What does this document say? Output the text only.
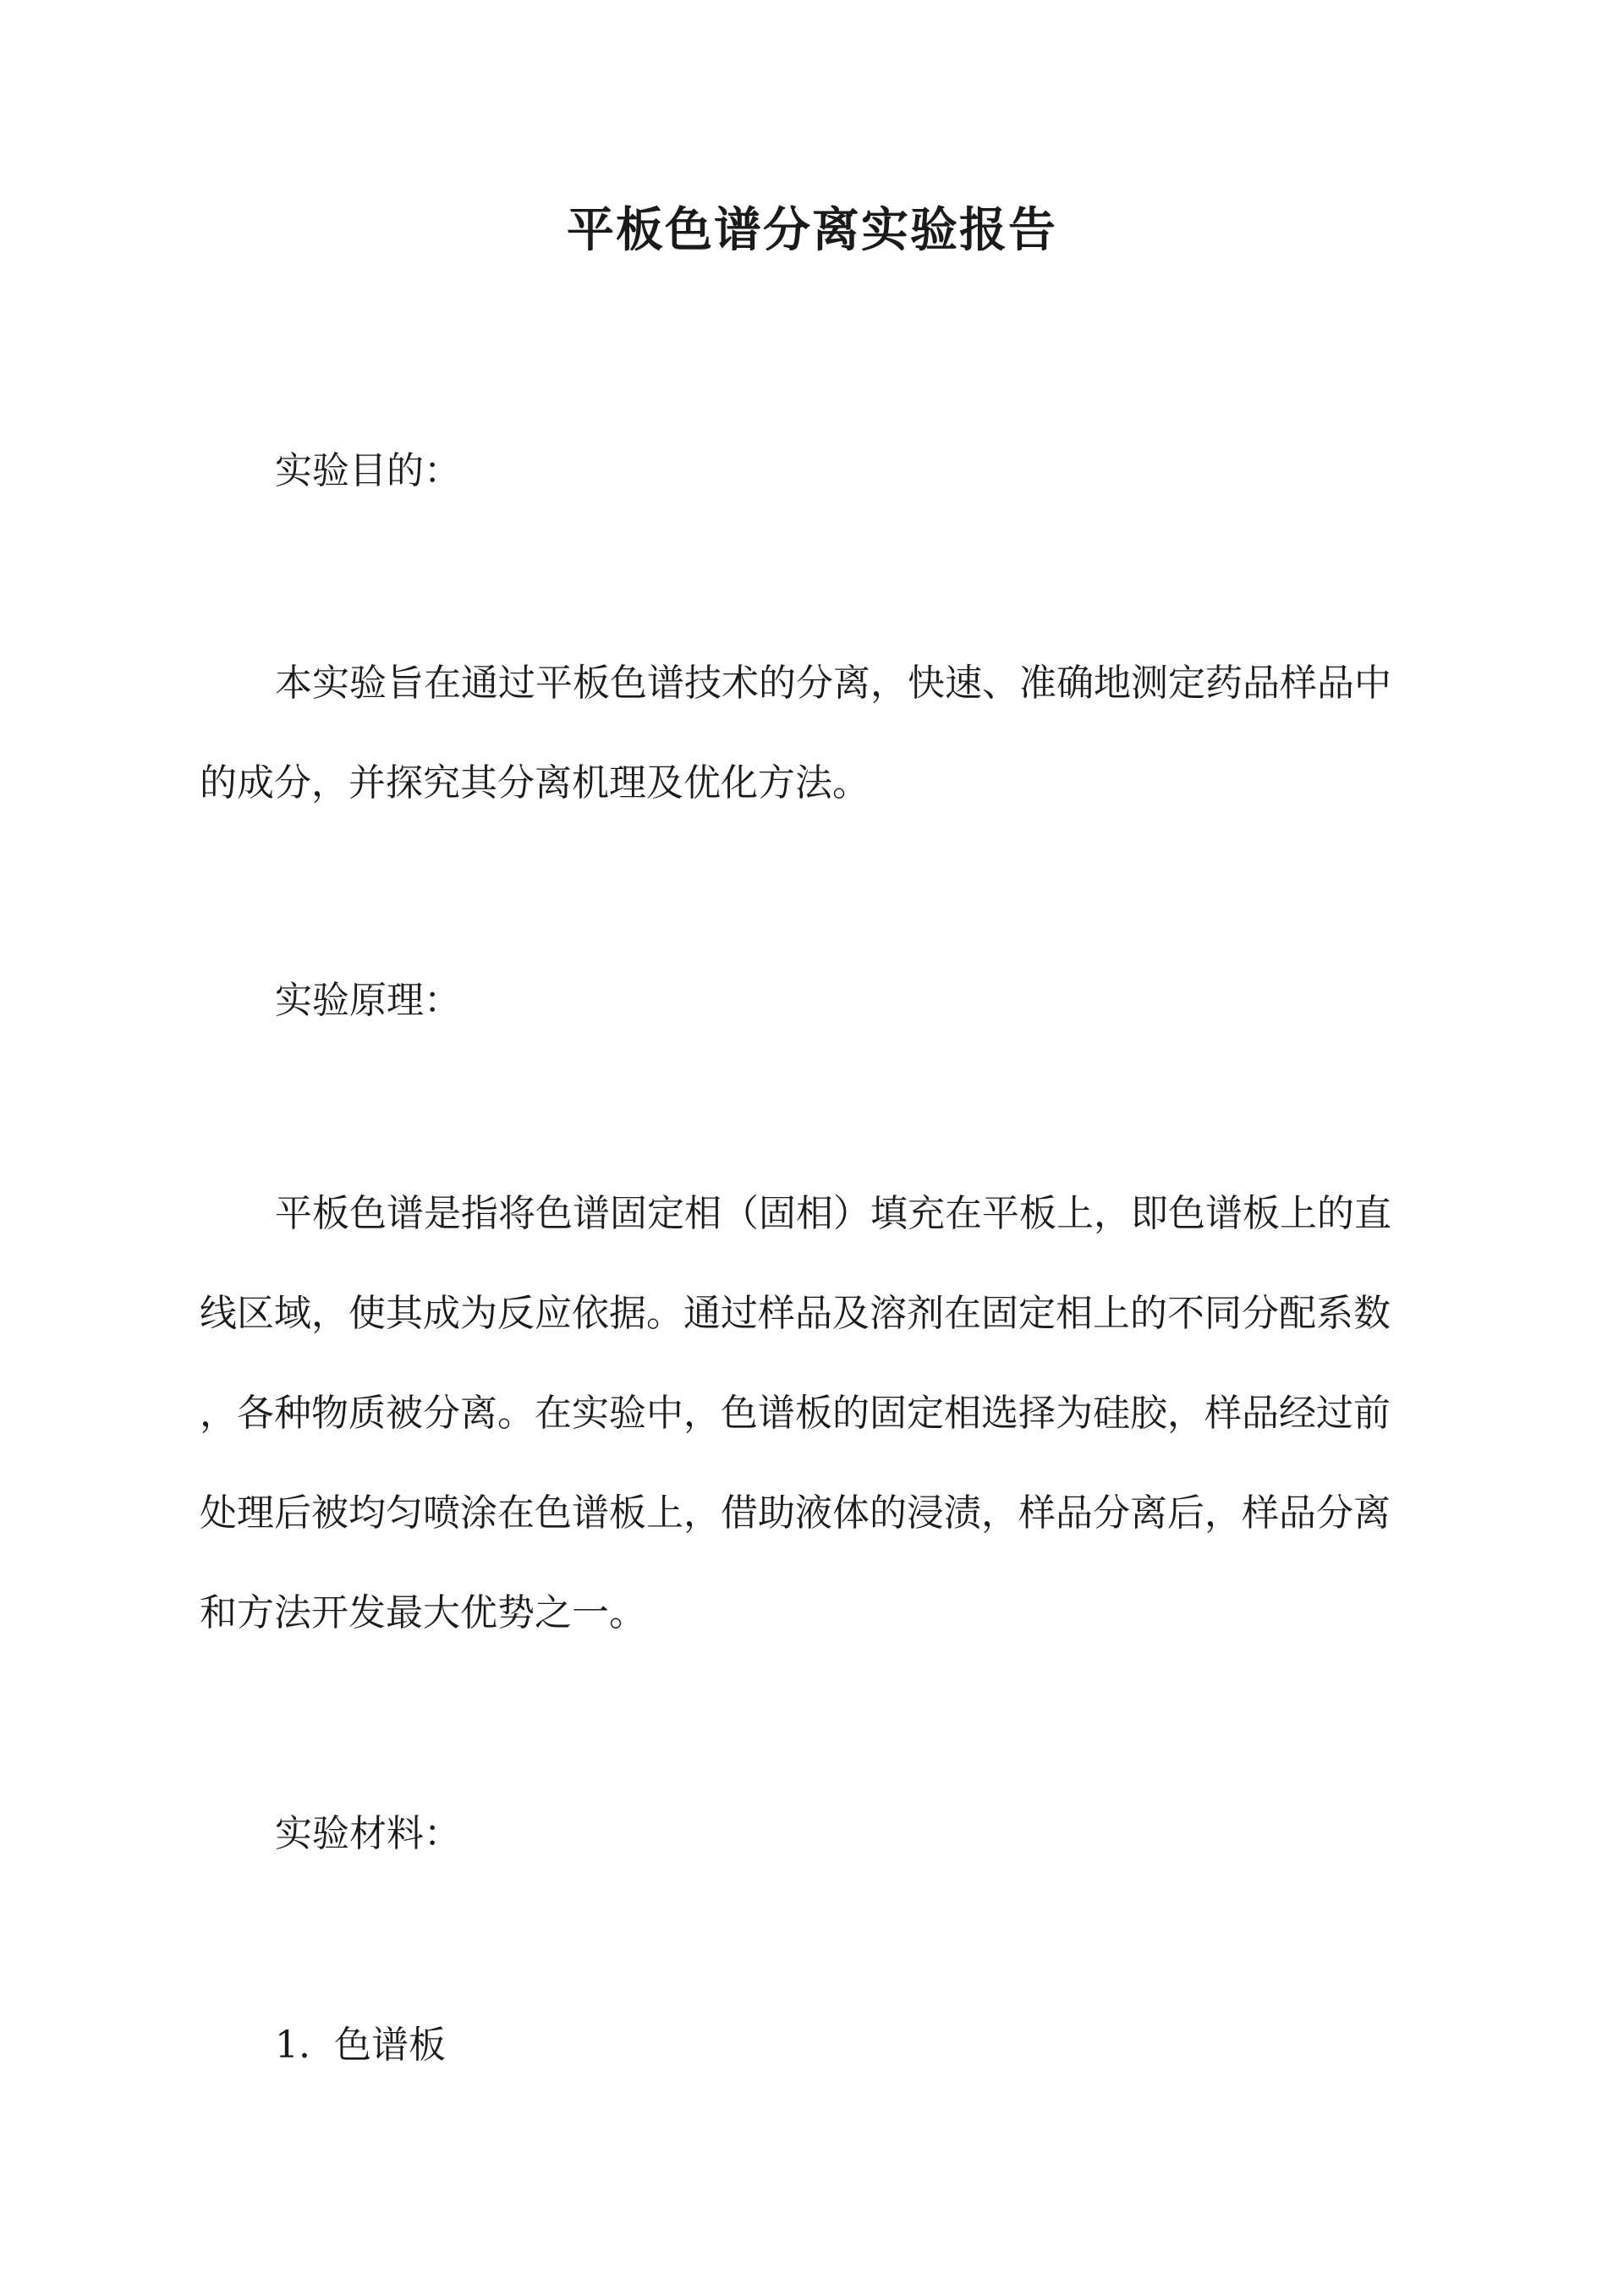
平板色谱分离实验报告

实验目的：

本实验旨在通过平板色谱技术的分离，快速、准确地测定药品样品中
的成分，并探究其分离机理及优化方法。

实验原理：

平板色谱是指将色谱固定相（固相）填充在平板上，即色谱板上的直
线区域，使其成为反应依据。通过样品及溶剂在固定相上的不同分配系数
，各种物质被分离。在实验中，色谱板的固定相选择为硅胶，样品经过前
处理后被均匀喷涂在色谱板上，借助液体的浸渍，样品分离后，样品分离
和方法开发最大优势之一。

实验材料：

1. 色谱板
